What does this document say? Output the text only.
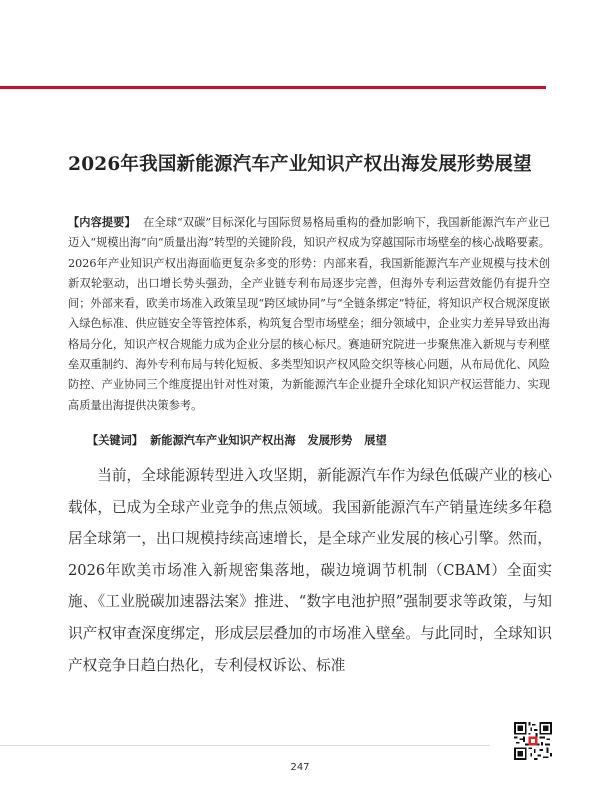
2026年我国新能源汽车产业知识产权出海发展形势展望
【内容提要】 在全球“双碳”目标深化与国际贸易格局重构的叠加影响下，我国新能源汽车产业已迈入“规模出海”向“质量出海”转型的关键阶段，知识产权成为穿越国际市场壁垒的核心战略要素。2026年产业知识产权出海面临更复杂多变的形势：内部来看，我国新能源汽车产业规模与技术创新双轮驱动，出口增长势头强劲，全产业链专利布局逐步完善，但海外专利运营效能仍有提升空间；外部来看，欧美市场准入政策呈现“跨区域协同”与“全链条绑定”特征，将知识产权合规深度嵌入绿色标准、供应链安全等管控体系，构筑复合型市场壁垒；细分领域中，企业实力差异导致出海格局分化，知识产权合规能力成为企业分层的核心标尺。赛迪研究院进一步聚焦准入新规与专利壁垒双重制约、海外专利布局与转化短板、多类型知识产权风险交织等核心问题，从布局优化、风险防控、产业协同三个维度提出针对性对策，为新能源汽车企业提升全球化知识产权运营能力、实现高质量出海提供决策参考。
【关键词】 新能源汽车产业知识产权出海 发展形势 展望

当前，全球能源转型进入攻坚期，新能源汽车作为绿色低碳产业的核心载体，已成为全球产业竞争的焦点领域。我国新能源汽车产销量连续多年稳居全球第一，出口规模持续高速增长，是全球产业发展的核心引擎。然而，2026年欧美市场准入新规密集落地，碳边境调节机制（CBAM）全面实施、《工业脱碳加速器法案》推进、“数字电池护照”强制要求等政策，与知识产权审查深度绑定，形成层层叠加的市场准入壁垒。与此同时，全球知识产权竞争日趋白热化，专利侵权诉讼、标准

247
